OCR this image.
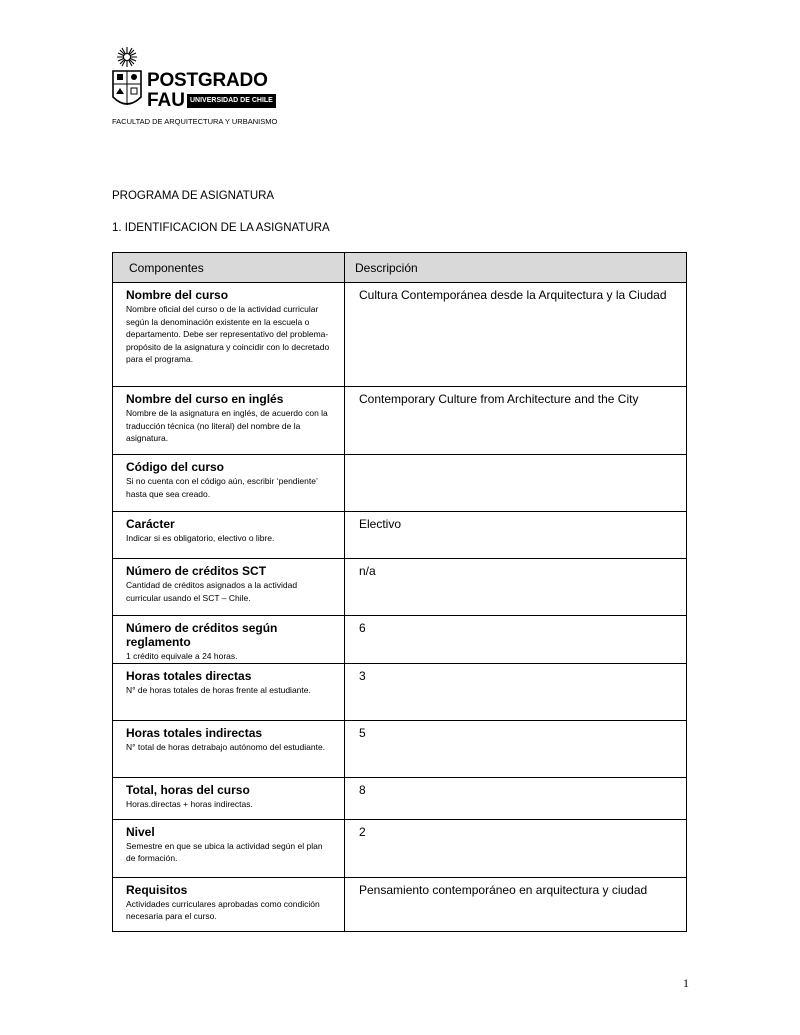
POSTGRADO
FAU UNIVERSIDAD DE CHILE
FACULTAD DE ARQUITECTURA Y URBANISMO
PROGRAMA DE ASIGNATURA
1. IDENTIFICACION DE LA ASIGNATURA
Componentes	Descripción

Nombre del curso
Nombre oficial del curso o de la actividad curricular según la denominación existente en la escuela o departamento. Debe ser representativo del problema-propósito de la asignatura y coincidir con lo decretado para el programa.	Cultura Contemporánea desde la Arquitectura y la Ciudad

Nombre del curso en inglés
Nombre de la asignatura en inglés, de acuerdo con la traducción técnica (no literal) del nombre de la asignatura.	Contemporary Culture from Architecture and the City

Código del curso
Si no cuenta con el código aún, escribir ‘pendiente’ hasta que sea creado.	

Carácter
Indicar si es obligatorio, electivo o libre.	Electivo

Número de créditos SCT
Cantidad de créditos asignados a la actividad curricular usando el SCT – Chile.	n/a

Número de créditos según reglamento
1 crédito equivale a 24 horas.	6

Horas totales directas
N° de horas totales de horas frente al estudiante.	3

Horas totales indirectas
N° total de horas detrabajo autónomo del estudiante.	5

Total, horas del curso
Horas.directas + horas indirectas.	8

Nivel
Semestre en que se ubica la actividad según el plan de formación.	2

Requisitos
Actividades curriculares aprobadas como condición necesaria para el curso.	Pensamiento contemporáneo en arquitectura y ciudad
1
